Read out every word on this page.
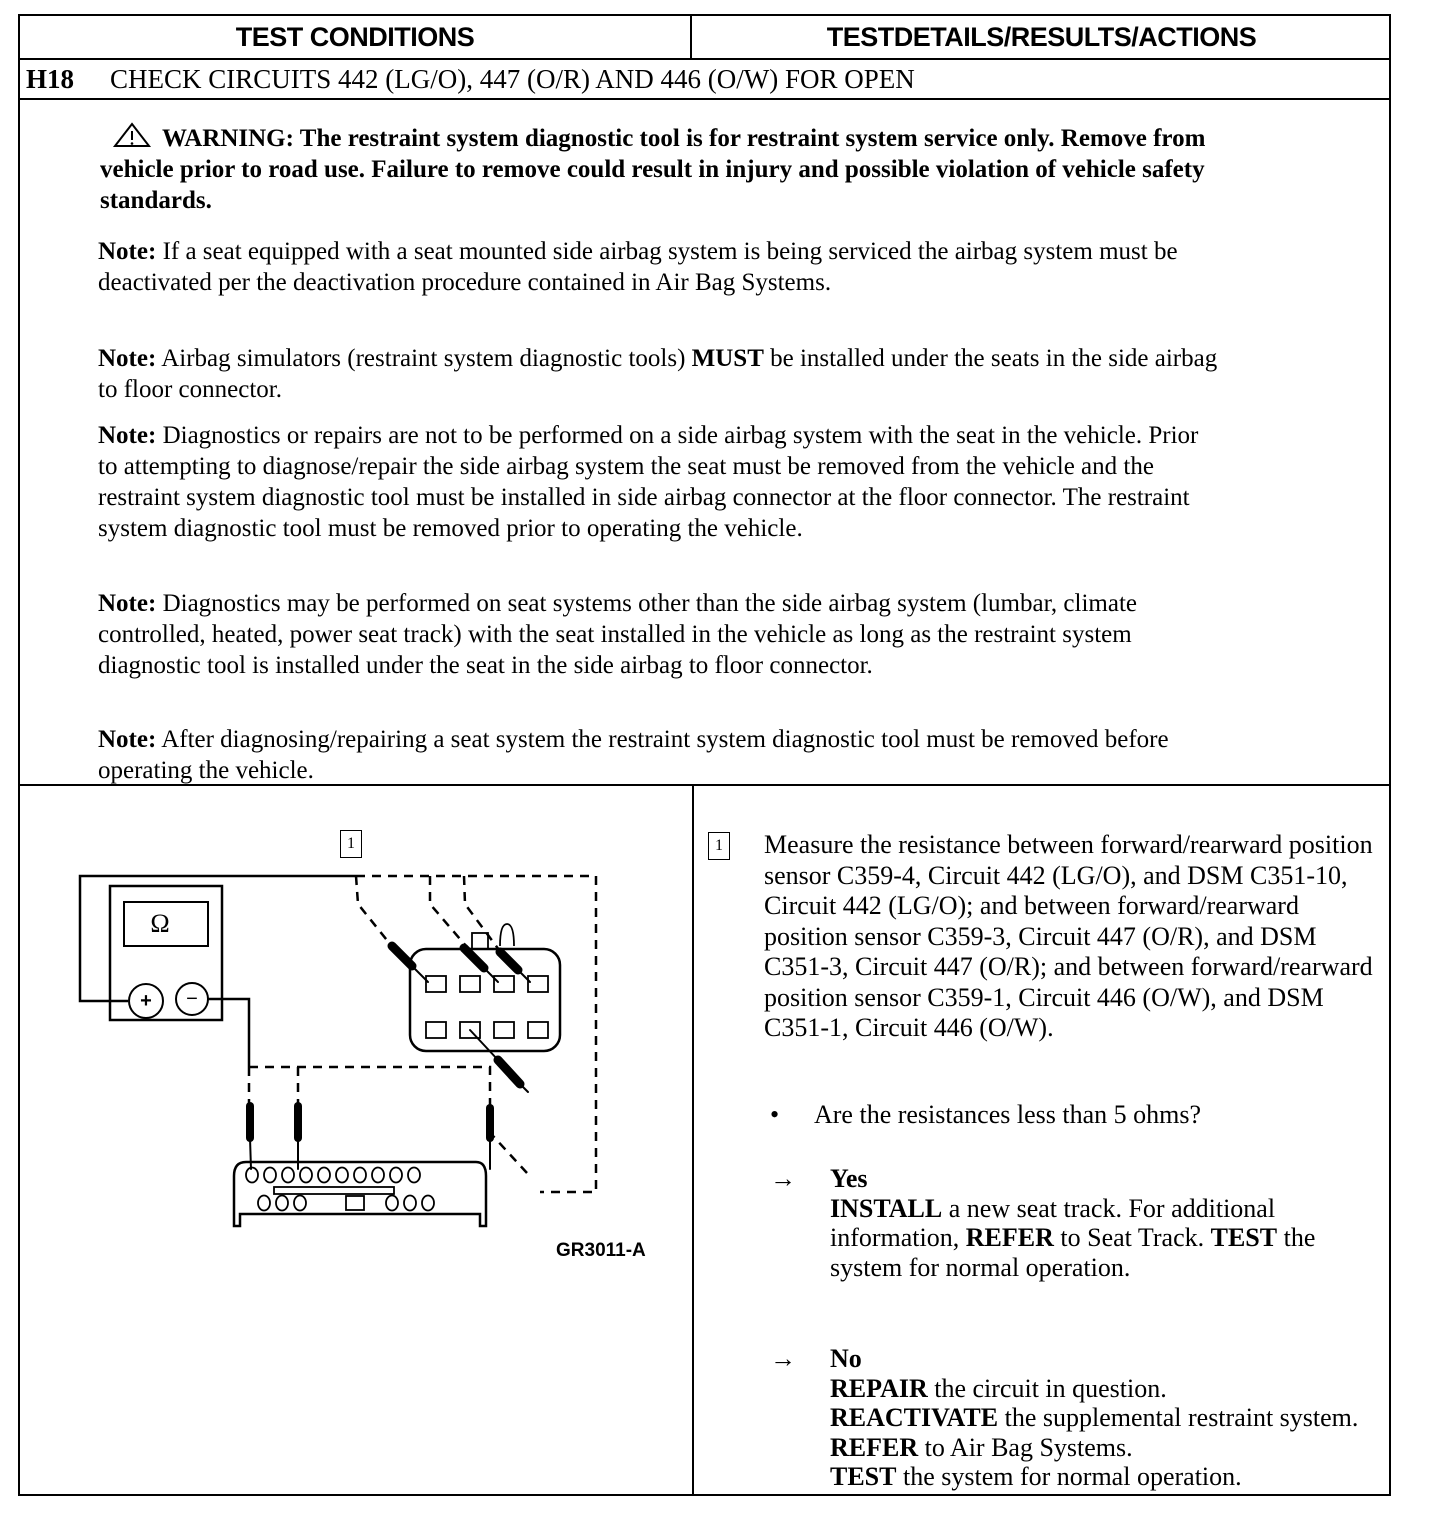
TEST CONDITIONS	TESTDETAILS/RESULTS/ACTIONS
H18	CHECK CIRCUITS 442 (LG/O), 447 (O/R) AND 446 (O/W) FOR OPEN
WARNING: The restraint system diagnostic tool is for restraint system service only. Remove from vehicle prior to road use. Failure to remove could result in injury and possible violation of vehicle safety standards.
Note: If a seat equipped with a seat mounted side airbag system is being serviced the airbag system must be deactivated per the deactivation procedure contained in Air Bag Systems.
Note: Airbag simulators (restraint system diagnostic tools) MUST be installed under the seats in the side airbag to floor connector.
Note: Diagnostics or repairs are not to be performed on a side airbag system with the seat in the vehicle. Prior to attempting to diagnose/repair the side airbag system the seat must be removed from the vehicle and the restraint system diagnostic tool must be installed in side airbag connector at the floor connector. The restraint system diagnostic tool must be removed prior to operating the vehicle.
Note: Diagnostics may be performed on seat systems other than the side airbag system (lumbar, climate controlled, heated, power seat track) with the seat installed in the vehicle as long as the restraint system diagnostic tool is installed under the seat in the side airbag to floor connector.
Note: After diagnosing/repairing a seat system the restraint system diagnostic tool must be removed before operating the vehicle.
1
Ω
+	−
GR3011-A
1 Measure the resistance between forward/rearward position sensor C359-4, Circuit 442 (LG/O), and DSM C351-10, Circuit 442 (LG/O); and between forward/rearward position sensor C359-3, Circuit 447 (O/R), and DSM C351-3, Circuit 447 (O/R); and between forward/rearward position sensor C359-1, Circuit 446 (O/W), and DSM C351-1, Circuit 446 (O/W).
• Are the resistances less than 5 ohms?
→	Yes
INSTALL a new seat track. For additional information, REFER to Seat Track. TEST the system for normal operation.
→	No
REPAIR the circuit in question.
REACTIVATE the supplemental restraint system. REFER to Air Bag Systems.
TEST the system for normal operation.
